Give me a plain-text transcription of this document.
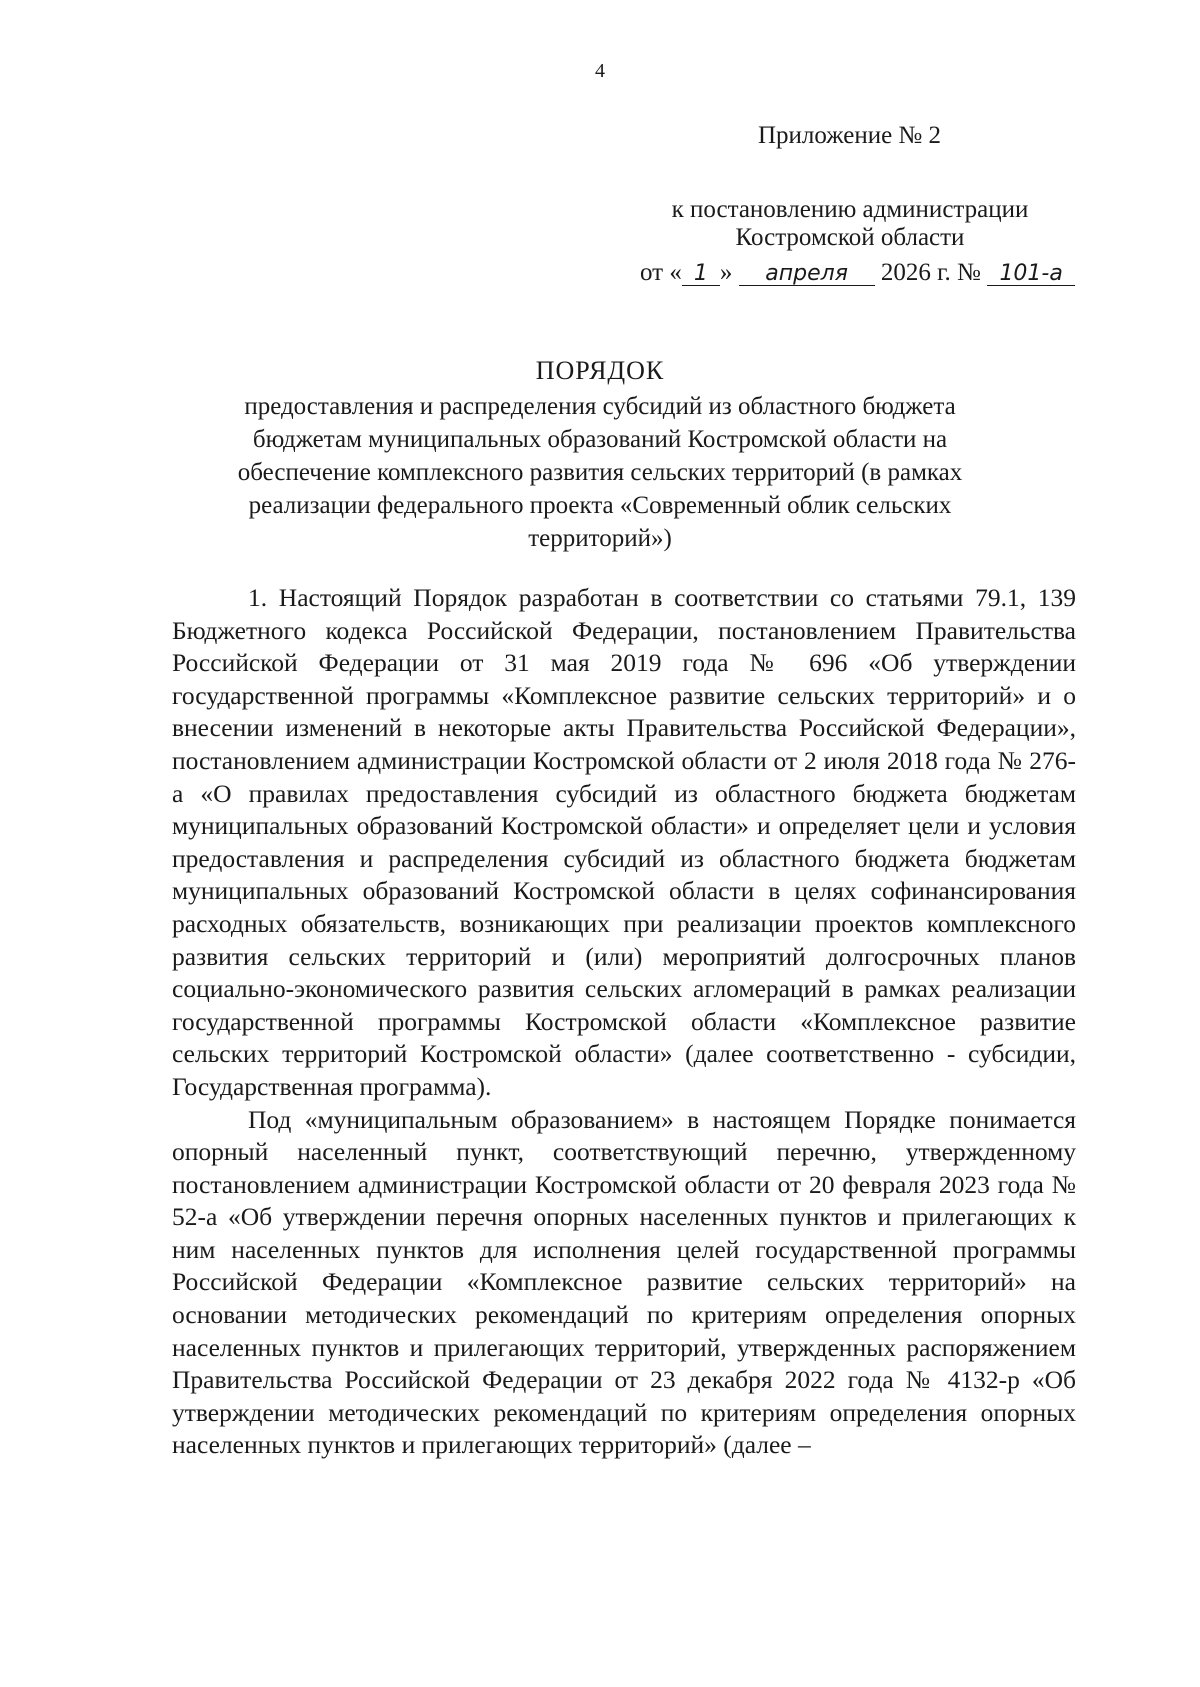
4
Приложение № 2
к постановлению администрации
Костромской области
от « 1 » апреля 2026 г. № 101-а
ПОРЯДОК
предоставления и распределения субсидий из областного бюджета бюджетам муниципальных образований Костромской области на обеспечение комплексного развития сельских территорий (в рамках реализации федерального проекта «Современный облик сельских территорий»)

1. Настоящий Порядок разработан в соответствии со статьями 79.1, 139 Бюджетного кодекса Российской Федерации, постановлением Правительства Российской Федерации от 31 мая 2019 года № 696 «Об утверждении государственной программы «Комплексное развитие сельских территорий» и о внесении изменений в некоторые акты Правительства Российской Федерации», постановлением администрации Костромской области от 2 июля 2018 года № 276-а «О правилах предоставления субсидий из областного бюджета бюджетам муниципальных образований Костромской области» и определяет цели и условия предоставления и распределения субсидий из областного бюджета бюджетам муниципальных образований Костромской области в целях софинансирования расходных обязательств, возникающих при реализации проектов комплексного развития сельских территорий и (или) мероприятий долгосрочных планов социально-экономического развития сельских агломераций в рамках реализации государственной программы Костромской области «Комплексное развитие сельских территорий Костромской области» (далее соответственно - субсидии, Государственная программа).

Под «муниципальным образованием» в настоящем Порядке понимается опорный населенный пункт, соответствующий перечню, утвержденному постановлением администрации Костромской области от 20 февраля 2023 года № 52-а «Об утверждении перечня опорных населенных пунктов и прилегающих к ним населенных пунктов для исполнения целей государственной программы Российской Федерации «Комплексное развитие сельских территорий» на основании методических рекомендаций по критериям определения опорных населенных пунктов и прилегающих территорий, утвержденных распоряжением Правительства Российской Федерации от 23 декабря 2022 года № 4132-р «Об утверждении методических рекомендаций по критериям определения опорных населенных пунктов и прилегающих территорий» (далее –
